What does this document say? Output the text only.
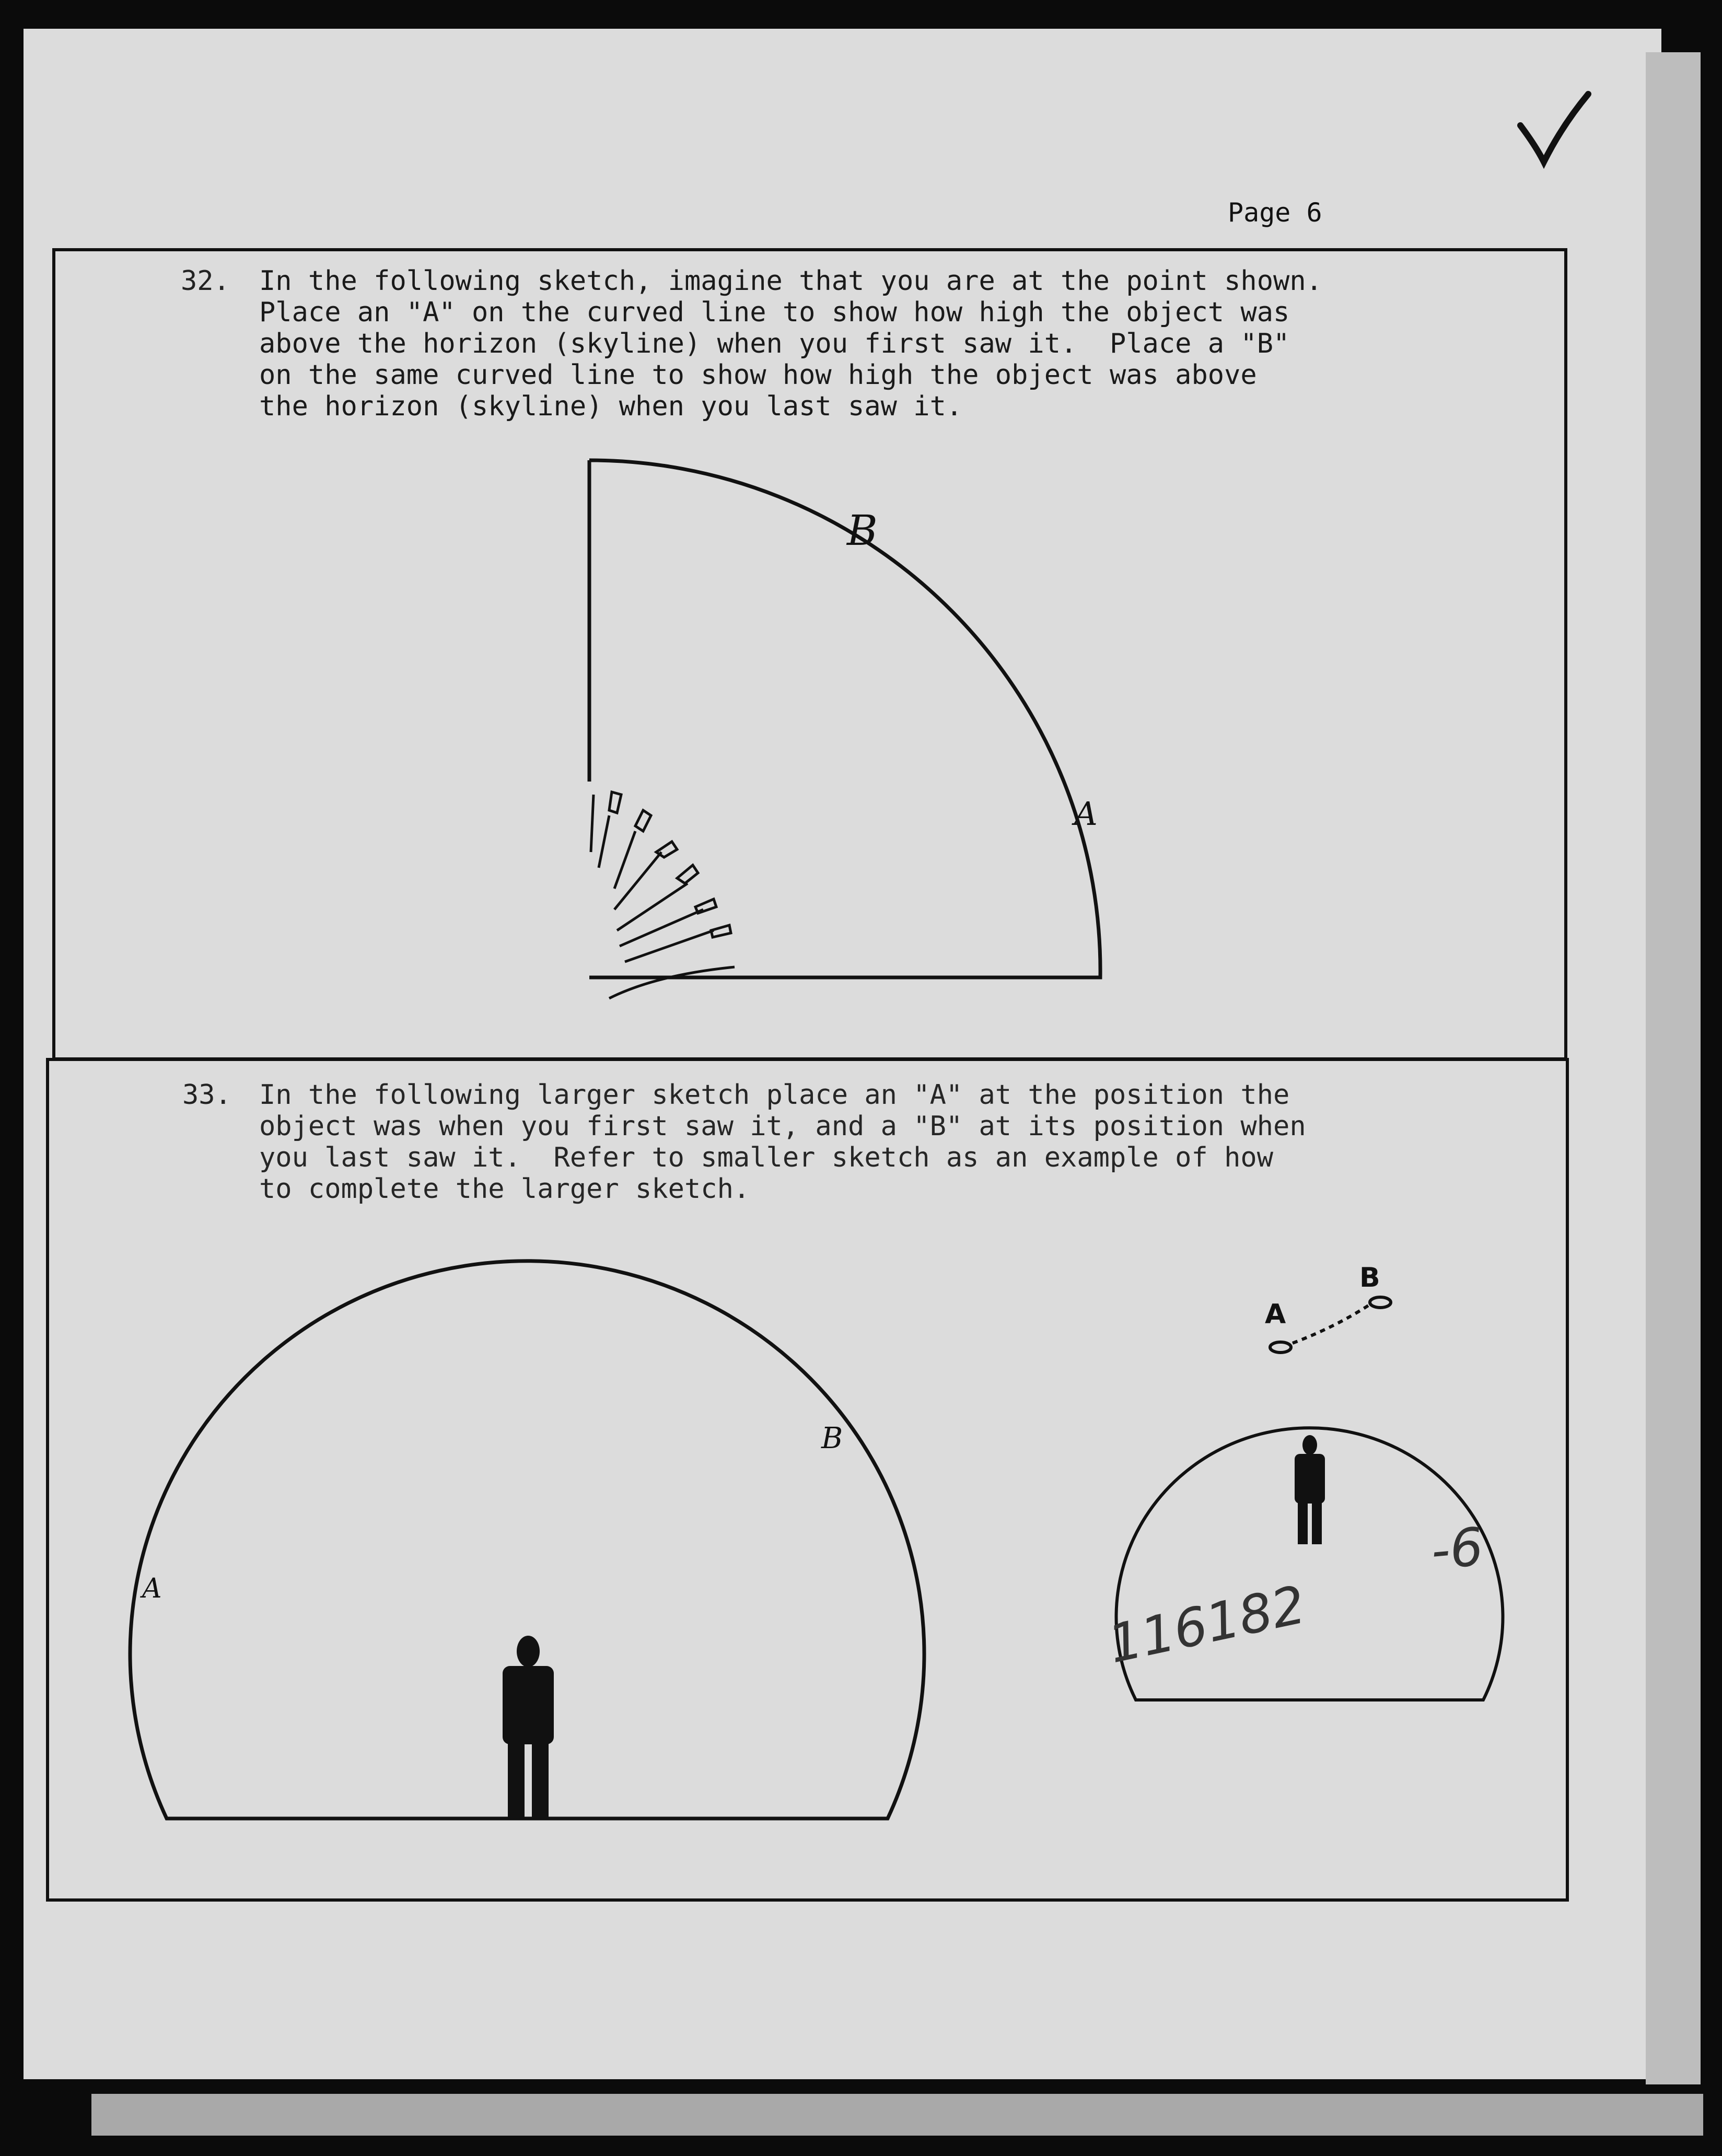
Page 6
32. In the following sketch, imagine that you are at the point shown.
Place an "A" on the curved line to show how high the object was
above the horizon (skyline) when you first saw it.  Place a "B"
on the same curved line to show how high the object was above
the horizon (skyline) when you last saw it.
B
A
33. In the following larger sketch place an "A" at the position the
object was when you first saw it, and a "B" at its position when
you last saw it.  Refer to smaller sketch as an example of how
to complete the larger sketch.
B
A
A
B
116182
-6
